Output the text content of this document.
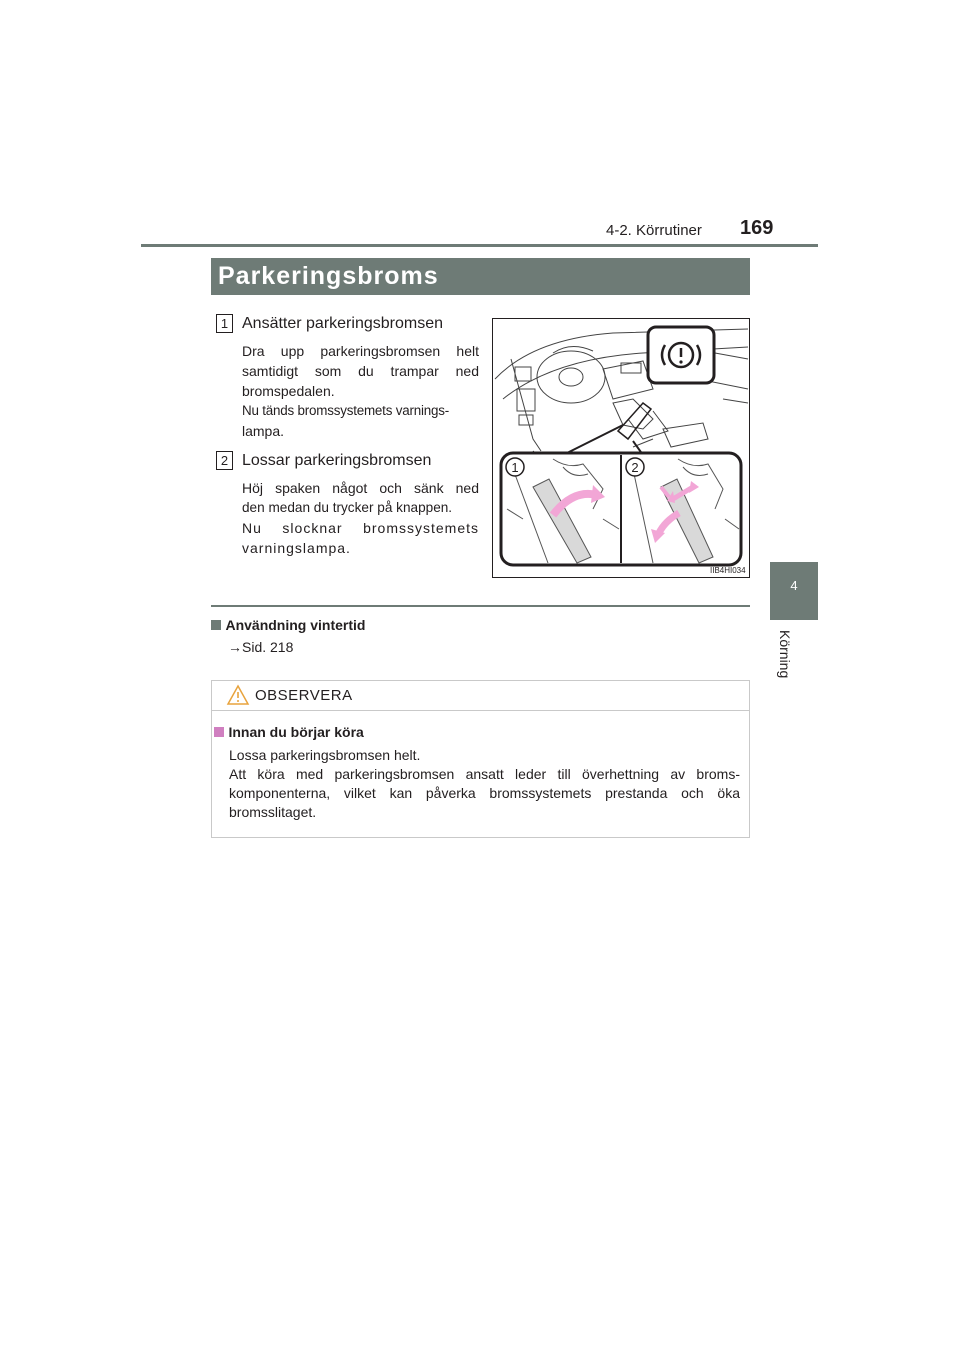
4-2. Körrutiner 169
4
Körning
Parkeringsbroms
1 Ansätter parkeringsbromsen
Dra upp parkeringsbromsen helt
samtidigt som du trampar ned
bromspedalen.
Nu tänds bromssystemets varnings-
lampa.
2 Lossar parkeringsbromsen
Höj spaken något och sänk ned
den medan du trycker på knappen.
Nu slocknar bromssystemets
varningslampa.
1	2
IIB4HI034
Användning vintertid
→Sid. 218
OBSERVERA
Innan du börjar köra
Lossa parkeringsbromsen helt.
Att köra med parkeringsbromsen ansatt leder till överhettning av broms-
komponenterna, vilket kan påverka bromssystemets prestanda och öka
bromsslitaget.
